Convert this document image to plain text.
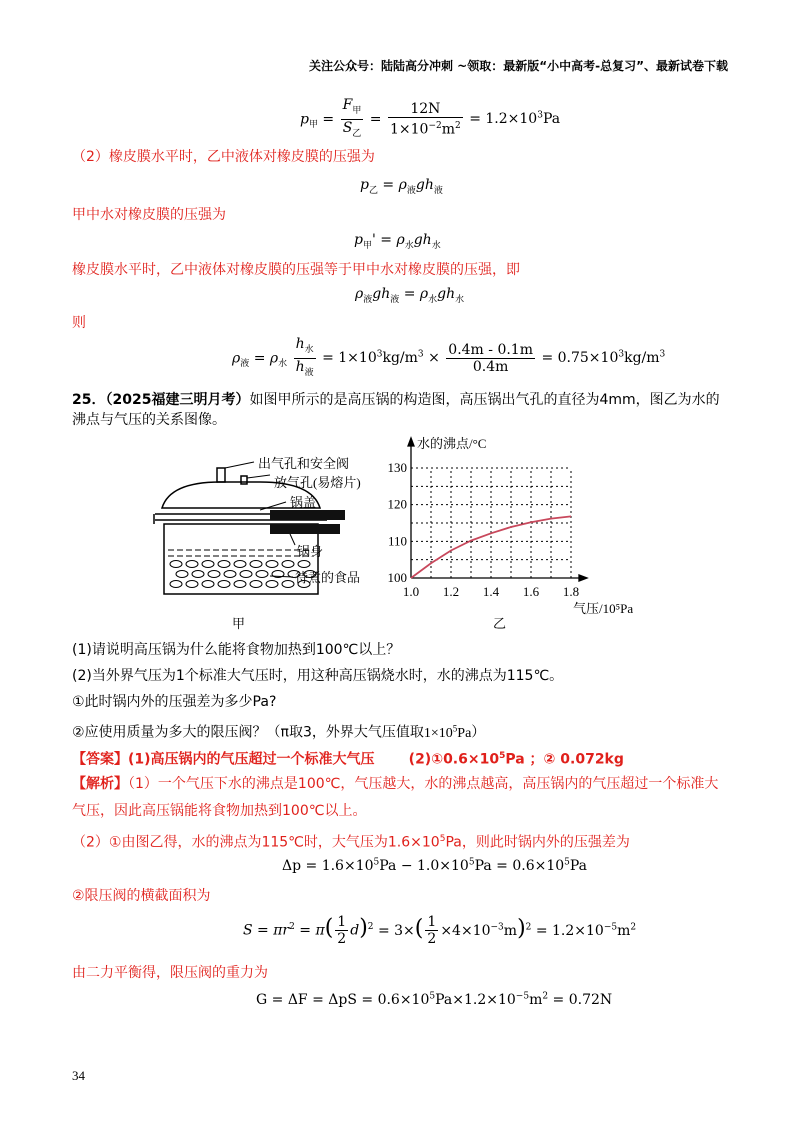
关注公众号：陆陆高分冲刺 ~领取：最新版“小中高考-总复习”、最新试卷下载
$p_甲 = \frac{F_甲}{S_乙} = \frac{12N}{1\times 10^{-2}m^2} = 1.2\times 10^3Pa$
（2）橡皮膜水平时，乙中液体对橡皮膜的压强为
$p_乙 = \rho_液gh_液$
甲中水对橡皮膜的压强为
$p_甲' = \rho_水gh_水$
橡皮膜水平时，乙中液体对橡皮膜的压强等于甲中水对橡皮膜的压强，即
$\rho_液gh_液 = \rho_水gh_水$
则
$\rho_液 = \rho_水 \frac{h_水}{h_液} = 1\times 10^3kg/m^3 \times \frac{0.4m - 0.1m}{0.4m} = 0.75\times 10^3kg/m^3$
25．（2025福建三明月考）如图甲所示的是高压锅的构造图，高压锅出气孔的直径为4mm，图乙为水的
沸点与气压的关系图像。
出气孔和安全阀
放气孔(易熔片)
锅盖
锅身
待煮的食品
甲
水的沸点/°C
气压/10⁵Pa
100
110
120
130
1.0 1.2 1.4 1.6 1.8
乙
(1)请说明高压锅为什么能将食物加热到100℃以上？
(2)当外界气压为1个标准大气压时，用这种高压锅烧水时，水的沸点为115℃。
①此时锅内外的压强差为多少Pa?
②应使用质量为多大的限压阀？（π取3，外界大气压值取$1\times 10^5Pa$）
【答案】(1)高压锅内的气压超过一个标准大气压 $(2)①0.6\times 10^5Pa$ ；② 0.072kg
【解析】（1）一个气压下水的沸点是100℃，气压越大，水的沸点越高，高压锅内的气压超过一个标准大
气压，因此高压锅能将食物加热到100℃以上。
（2）①由图乙得，水的沸点为115℃时，大气压为$1.6\times 10^5Pa$，则此时锅内外的压强差为
$\Delta p = 1.6\times 10^5Pa - 1.0\times 10^5Pa = 0.6\times 10^5Pa$
②限压阀的横截面积为
$S = \pi r^2 = \pi( \frac{1}{2} d)^2 = 3\times( \frac{1}{2} \times 4\times 10^{-3}m)^2 = 1.2\times 10^{-5}m^2$
由二力平衡得，限压阀的重力为
$G = \Delta F = \Delta pS = 0.6\times 10^5Pa\times 1.2\times 10^{-5}m^2 = 0.72N$
34
